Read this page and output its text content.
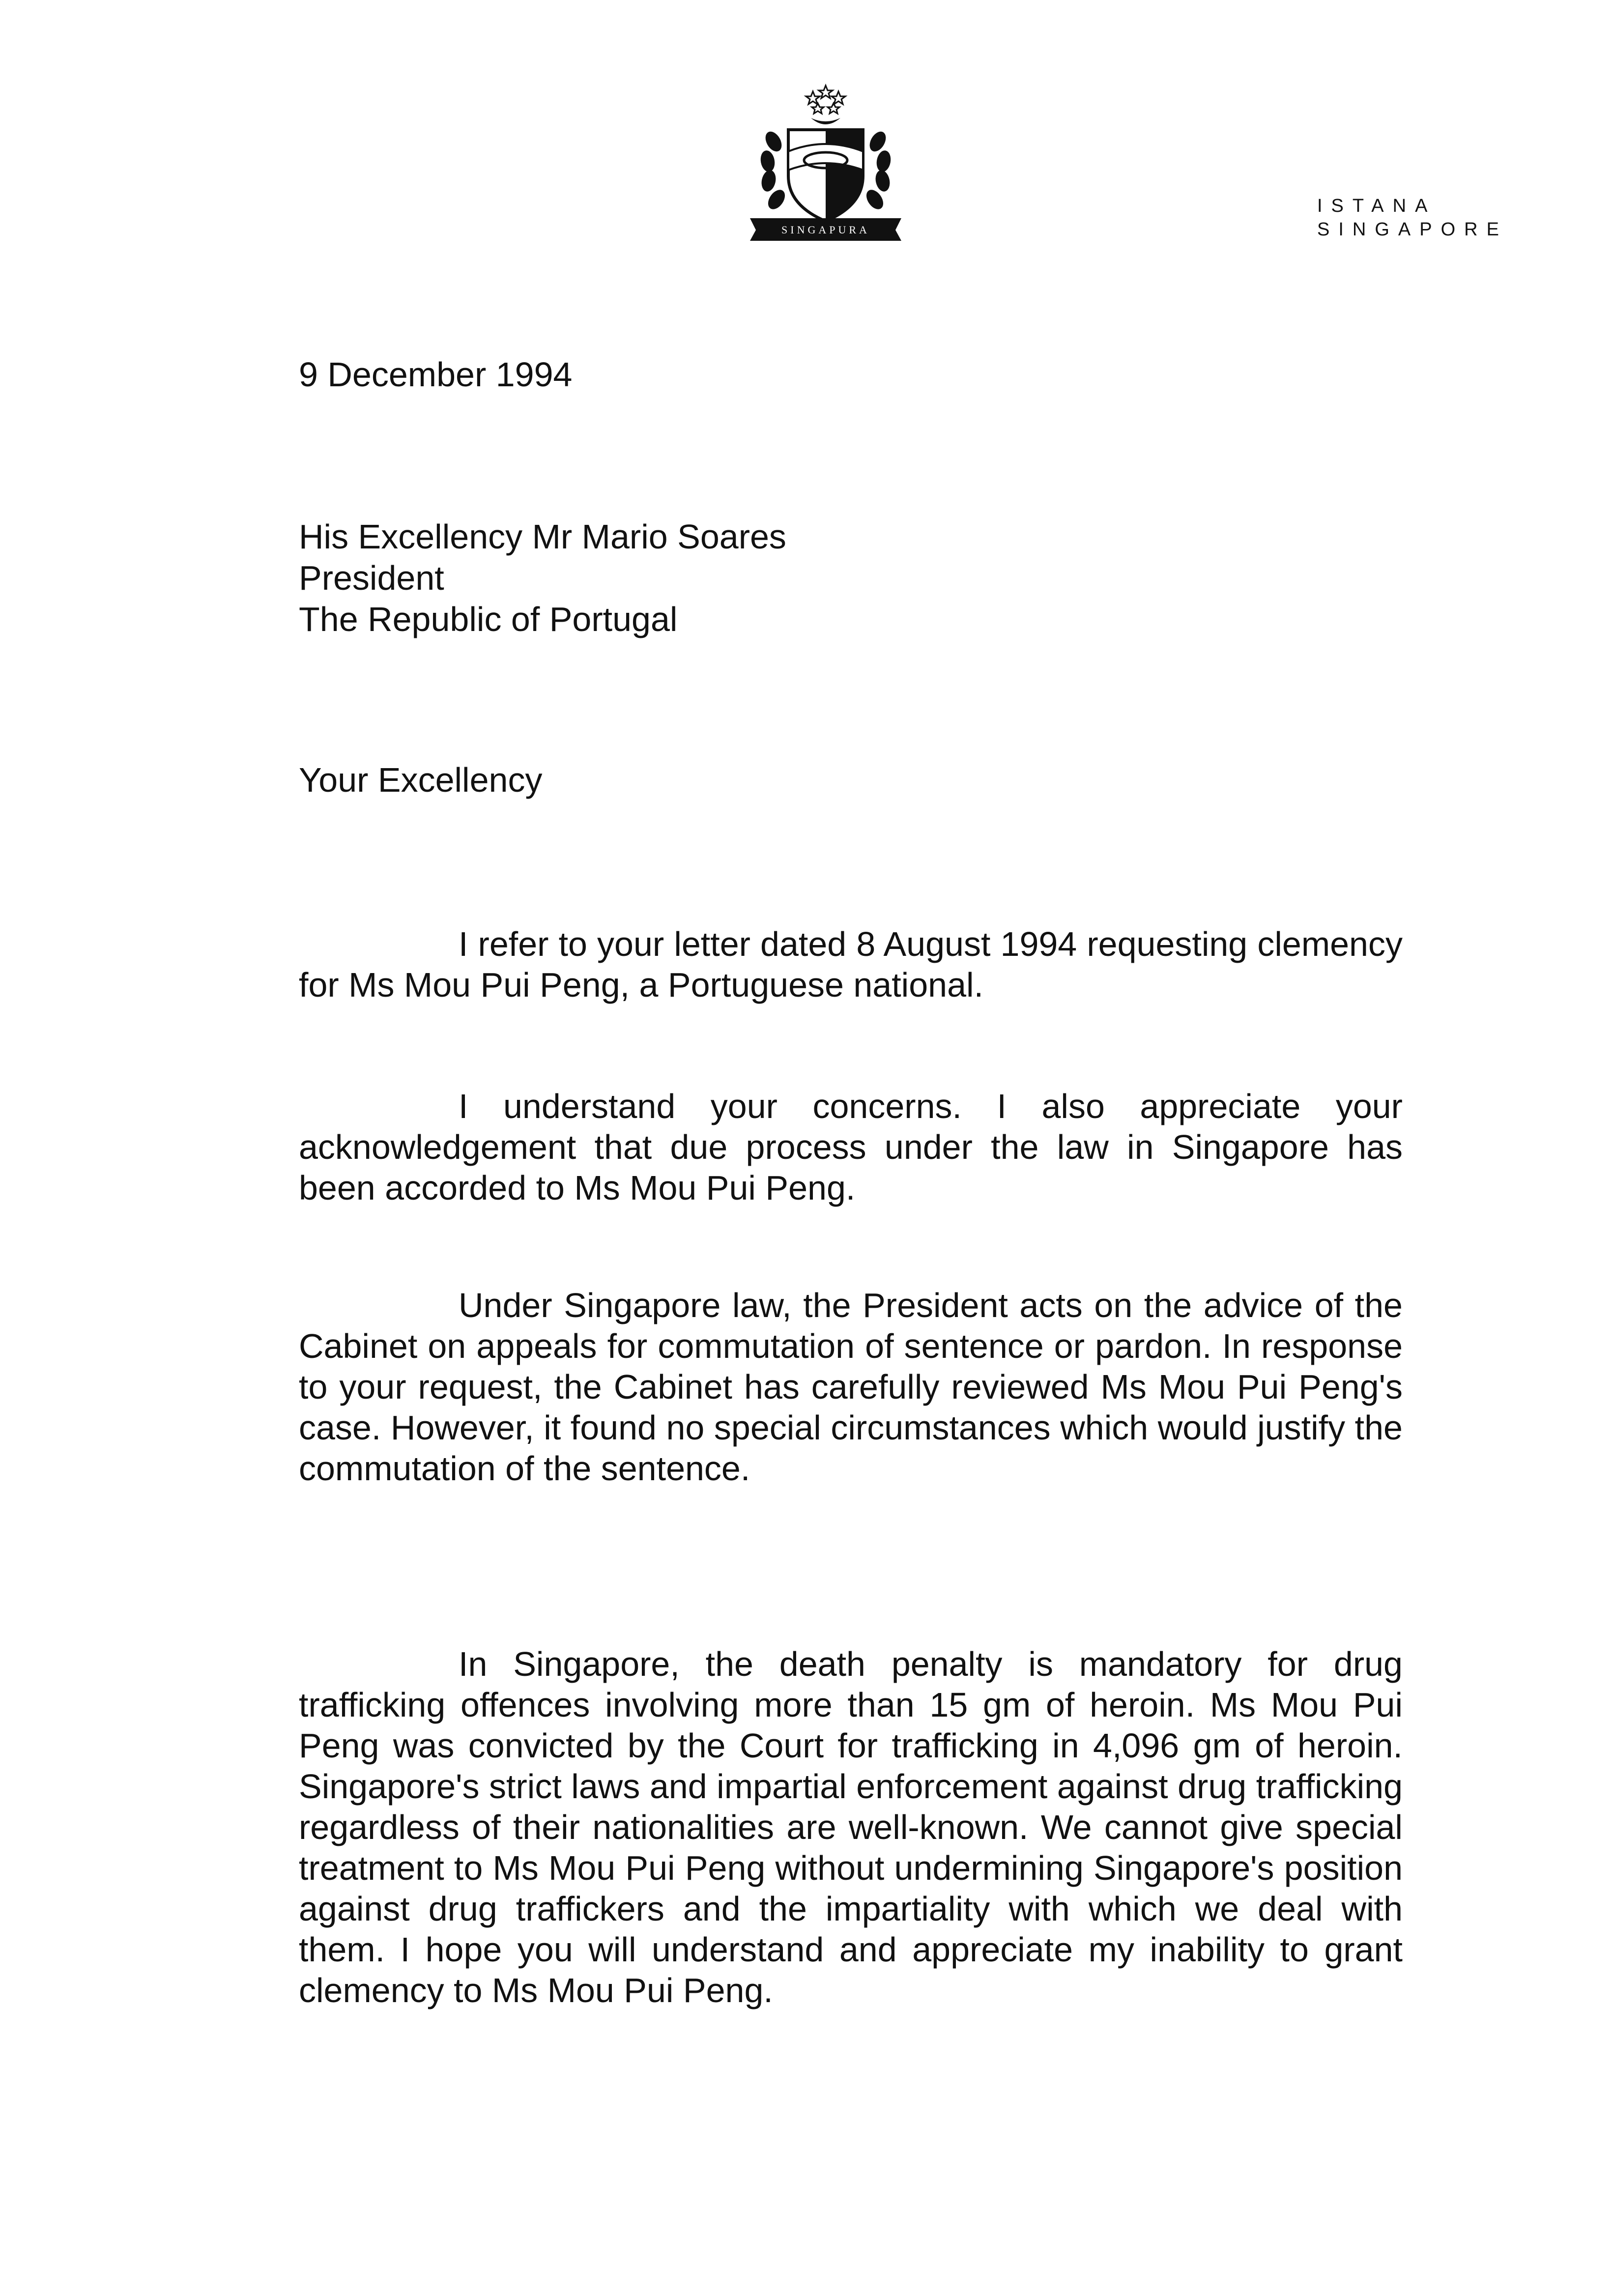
SINGAPURA
ISTANA
SINGAPORE
9 December 1994
His Excellency Mr Mario Soares
President
The Republic of Portugal
Your Excellency
I refer to your letter dated 8 August 1994 requesting clemency for Ms Mou Pui Peng, a Portuguese national.
I understand your concerns. I also appreciate your acknowledgement that due process under the law in Singapore has been accorded to Ms Mou Pui Peng.
Under Singapore law, the President acts on the advice of the Cabinet on appeals for commutation of sentence or pardon. In response to your request, the Cabinet has carefully reviewed Ms Mou Pui Peng's case. However, it found no special circumstances which would justify the commutation of the sentence.
In Singapore, the death penalty is mandatory for drug trafficking offences involving more than 15 gm of heroin. Ms Mou Pui Peng was convicted by the Court for trafficking in 4,096 gm of heroin. Singapore's strict laws and impartial enforcement against drug trafficking regardless of their nationalities are well-known. We cannot give special treatment to Ms Mou Pui Peng without undermining Singapore's position against drug traffickers and the impartiality with which we deal with them. I hope you will understand and appreciate my inability to grant clemency to Ms Mou Pui Peng.
